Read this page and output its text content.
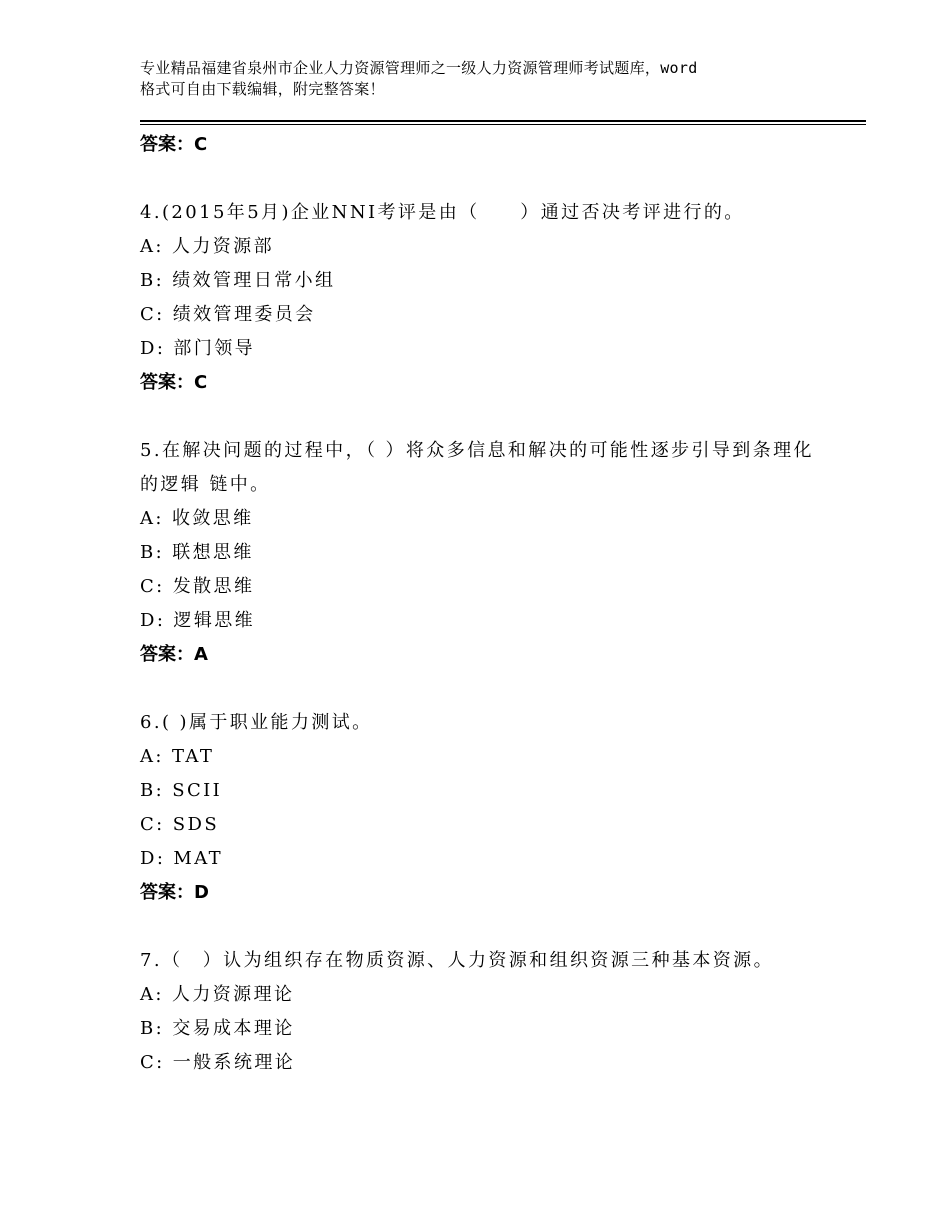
专业精品福建省泉州市企业人力资源管理师之一级人力资源管理师考试题库，word
格式可自由下载编辑，附完整答案！
答案：C
4.(2015年5月)企业NNI考评是由（　　）通过否决考评进行的。
A: 人力资源部
B: 绩效管理日常小组
C: 绩效管理委员会
D: 部门领导
答案：C
5.在解决问题的过程中，（ ）将众多信息和解决的可能性逐步引导到条理化的逻辑 链中。
A: 收敛思维
B: 联想思维
C: 发散思维
D: 逻辑思维
答案：A
6.( )属于职业能力测试。
A: TAT
B: SCII
C: SDS
D: MAT
答案：D
7.（　）认为组织存在物质资源、人力资源和组织资源三种基本资源。
A: 人力资源理论
B: 交易成本理论
C: 一般系统理论
